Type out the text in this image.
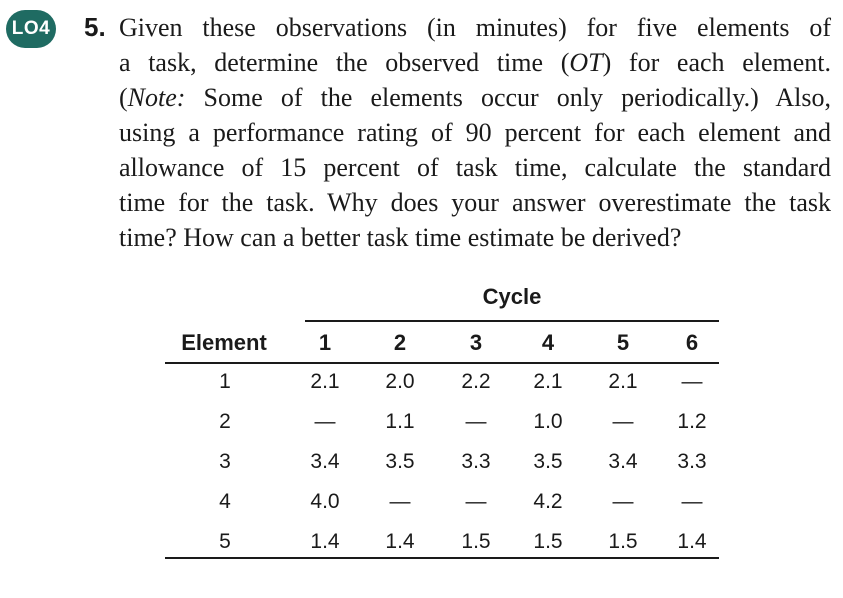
LO4 5. Given these observations (in minutes) for five elements of
a task, determine the observed time (OT) for each element.
(Note: Some of the elements occur only periodically.) Also,
using a performance rating of 90 percent for each element and
allowance of 15 percent of task time, calculate the standard
time for the task. Why does your answer overestimate the task
time? How can a better task time estimate be derived?
Cycle
Element	1	2	3	4	5	6
1	2.1	2.0	2.2	2.1	2.1	—
2	—	1.1	—	1.0	—	1.2
3	3.4	3.5	3.3	3.5	3.4	3.3
4	4.0	—	—	4.2	—	—
5	1.4	1.4	1.5	1.5	1.5	1.4
